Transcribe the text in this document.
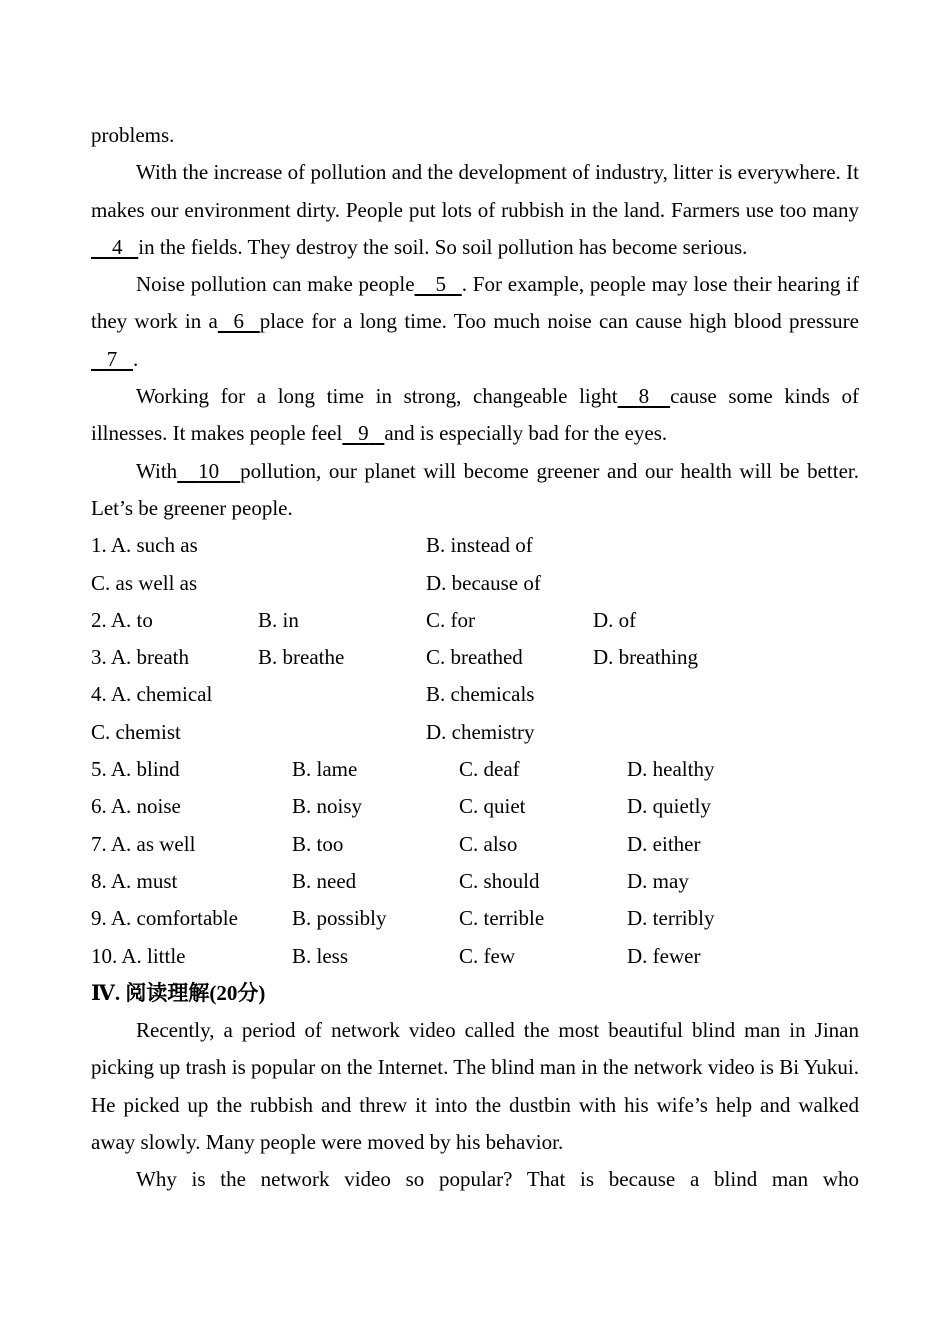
problems.

With the increase of pollution and the development of industry, litter is everywhere. It makes our environment dirty. People put lots of rubbish in the land. Farmers use too many    4 in the fields. They destroy the soil. So soil pollution has become serious.

Noise pollution can make people 5 . For example, people may lose their hearing if they work in a 6 place for a long time. Too much noise can cause high blood pressure   7 .

Working for a long time in strong, changeable light 8 cause some kinds of illnesses. It makes people feel 9 and is especially bad for the eyes.

With 10 pollution, our planet will become greener and our health will be better. Let’s be greener people.

1. A. such as	B. instead of
C. as well as	D. because of
2. A. to	B. in	C. for	D. of
3. A. breath	B. breathe	C. breathed	D. breathing
4. A. chemical	B. chemicals
C. chemist	D. chemistry
5. A. blind	B. lame	C. deaf	D. healthy
6. A. noise	B. noisy	C. quiet	D. quietly
7. A. as well	B. too	C. also	D. either
8. A. must	B. need	C. should	D. may
9. A. comfortable	B. possibly	C. terrible	D. terribly
10. A. little	B. less	C. few	D. fewer

Ⅳ. 阅读理解(20分)

Recently, a period of network video called the most beautiful blind man in Jinan picking up trash is popular on the Internet. The blind man in the network video is Bi Yukui. He picked up the rubbish and threw it into the dustbin with his wife’s help and walked away slowly. Many people were moved by his behavior.

Why is the network video so popular? That is because a blind man who
